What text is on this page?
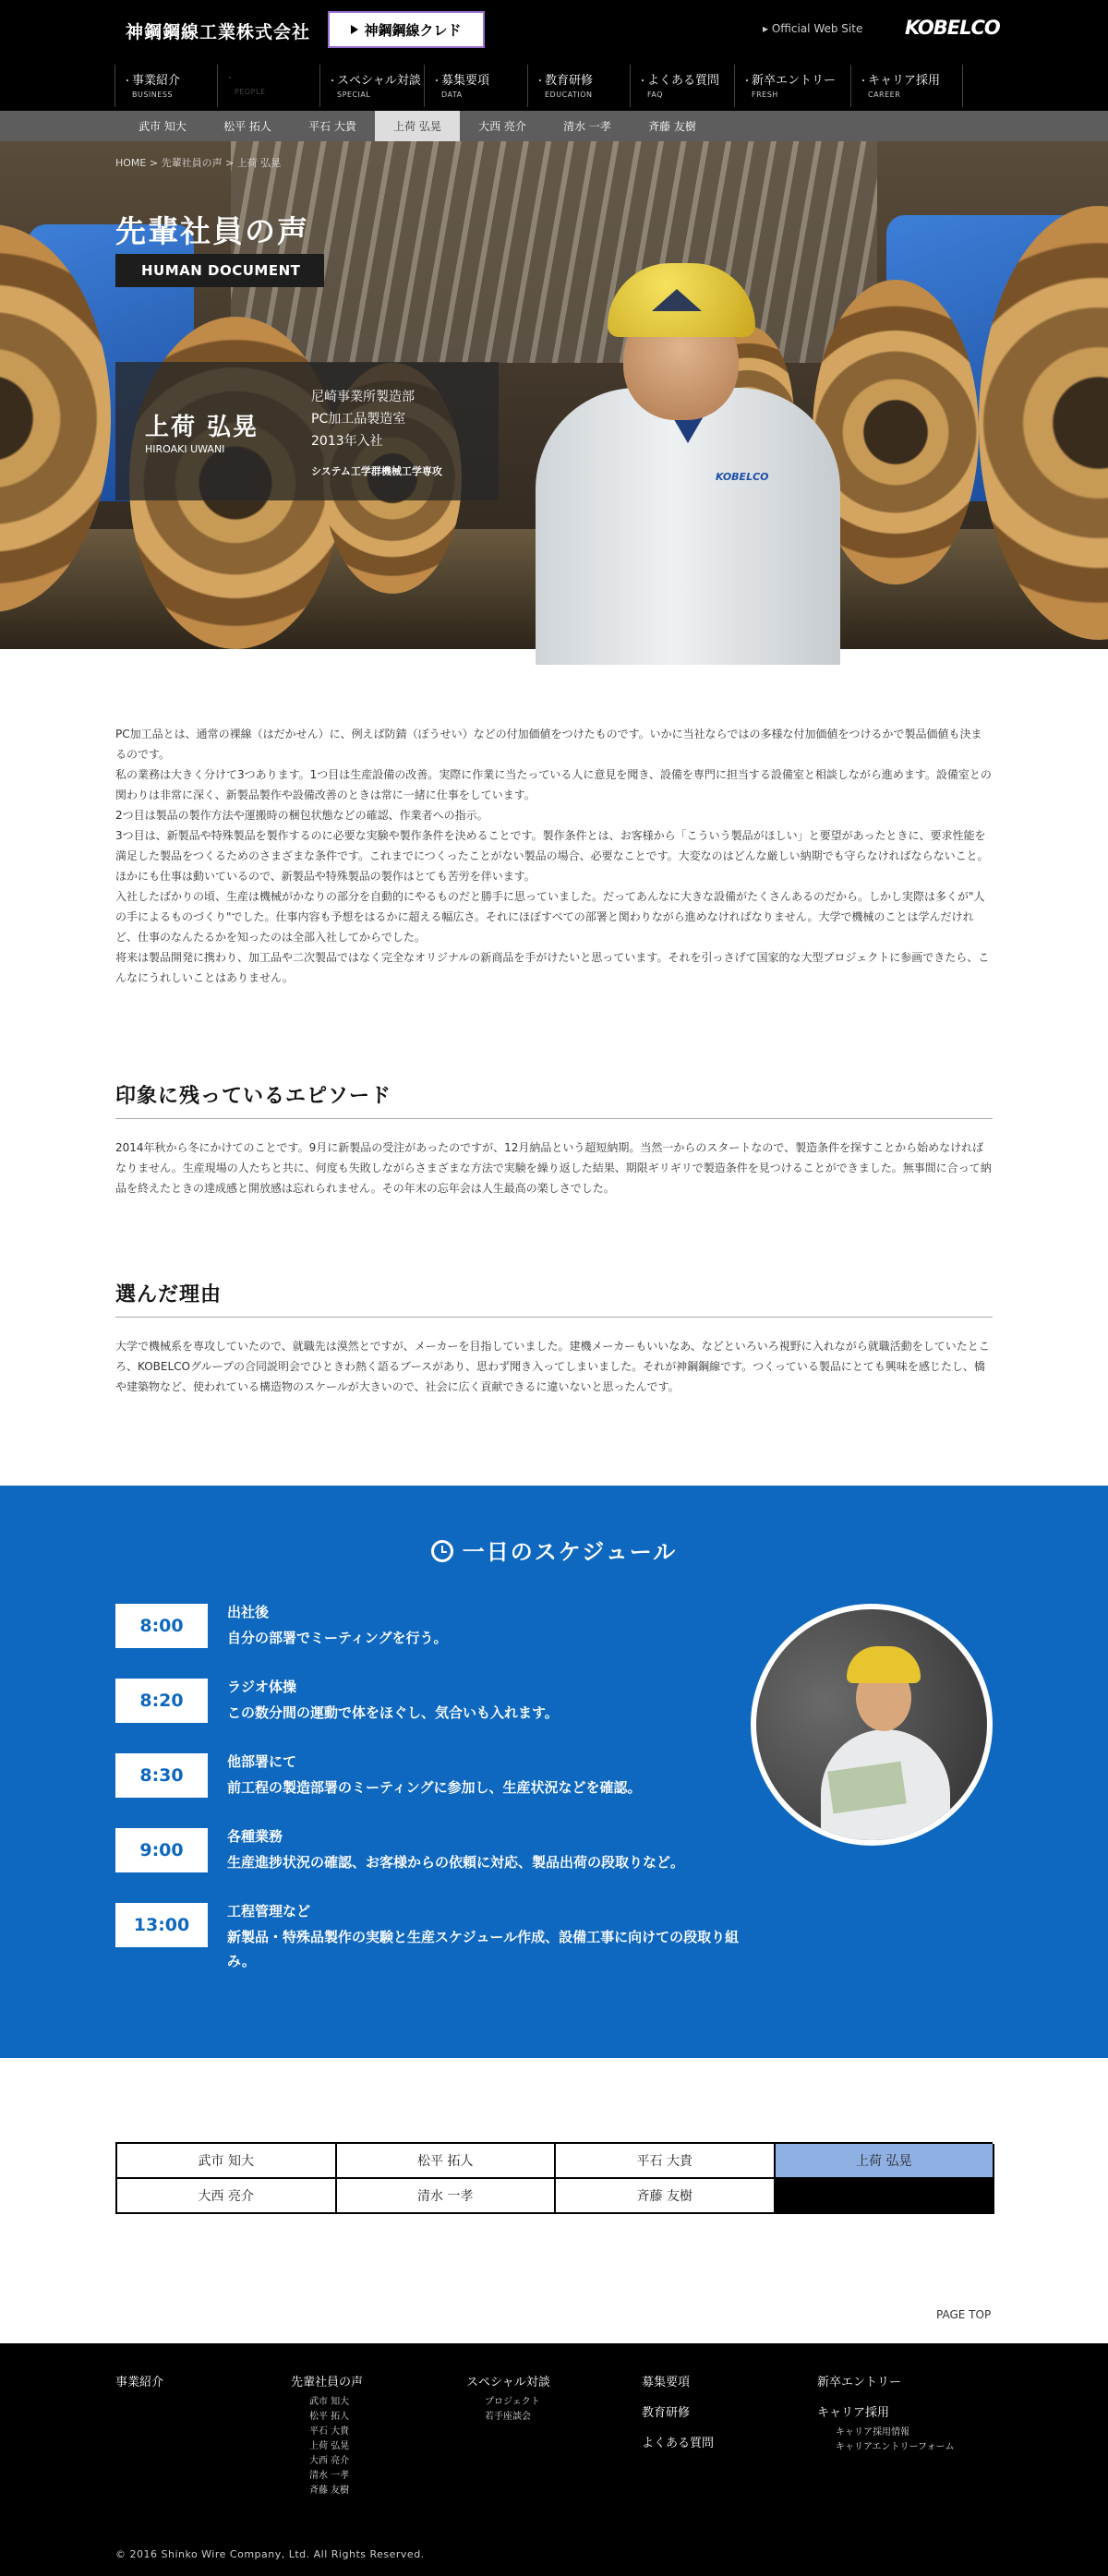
神鋼鋼線工業株式会社	神鋼鋼線クレド	▸ Official Web Site KOBELCO
・ 事業紹介
BUSINESS
・	PEOPLE
・ スペシャル対談
SPECIAL
・ 募集要項
DATA
・ 教育研修
EDUCATION
・ よくある質問
FAQ
・ 新卒エントリー
FRESH
・ キャリア採用
CAREER
武市 知大	松平 拓人	平石 大貴	上荷 弘晃	大西 亮介	清水 一孝	斉藤 友樹
KOBELCO
HOME > 先輩社員の声 > 上荷 弘晃
先輩社員の声
HUMAN DOCUMENT
上荷 弘晃
HIROAKI UWANI
尼崎事業所製造部
PC加工品製造室
2013年入社
システム工学群機械工学専攻

PC加工品とは、通常の裸線（はだかせん）に、例えば防錆（ぼうせい）などの付加価値をつけたものです。いかに当社ならではの多様な付加価値をつけるかで製品価値も決まるのです。

私の業務は大きく分けて3つあります。1つ目は生産設備の改善。実際に作業に当たっている人に意見を聞き、設備を専門に担当する設備室と相談しながら進めます。設備室との関わりは非常に深く、新製品製作や設備改善のときは常に一緒に仕事をしています。

2つ目は製品の製作方法や運搬時の梱包状態などの確認、作業者への指示。

3つ目は、新製品や特殊製品を製作するのに必要な実験や製作条件を決めることです。製作条件とは、お客様から「こういう製品がほしい」と要望があったときに、要求性能を満足した製品をつくるためのさまざまな条件です。これまでにつくったことがない製品の場合、必要なことです。大変なのはどんな厳しい納期でも守らなければならないこと。ほかにも仕事は動いているので、新製品や特殊製品の製作はとても苦労を伴います。

入社したばかりの頃、生産は機械がかなりの部分を自動的にやるものだと勝手に思っていました。だってあんなに大きな設備がたくさんあるのだから。しかし実際は多くが"人の手によるものづくり"でした。仕事内容も予想をはるかに超える幅広さ。それにほぼすべての部署と関わりながら進めなければなりません。大学で機械のことは学んだけれど、仕事のなんたるかを知ったのは全部入社してからでした。

将来は製品開発に携わり、加工品や二次製品ではなく完全なオリジナルの新商品を手がけたいと思っています。それを引っさげて国家的な大型プロジェクトに参画できたら、こんなにうれしいことはありません。

印象に残っているエピソード

2014年秋から冬にかけてのことです。9月に新製品の受注があったのですが、12月納品という超短納期。当然一からのスタートなので、製造条件を探すことから始めなければなりません。生産現場の人たちと共に、何度も失敗しながらさまざまな方法で実験を繰り返した結果、期限ギリギリで製造条件を見つけることができました。無事間に合って納品を終えたときの達成感と開放感は忘れられません。その年末の忘年会は人生最高の楽しさでした。

選んだ理由

大学で機械系を専攻していたので、就職先は漠然とですが、メーカーを目指していました。建機メーカーもいいなあ、などといろいろ視野に入れながら就職活動をしていたところ、KOBELCOグループの合同説明会でひときわ熱く語るブースがあり、思わず聞き入ってしまいました。それが神鋼鋼線です。つくっている製品にとても興味を感じたし、橋や建築物など、使われている構造物のスケールが大きいので、社会に広く貢献できるに違いないと思ったんです。

一日のスケジュール
8:00
出社後
自分の部署でミーティングを行う。
8:20
ラジオ体操
この数分間の運動で体をほぐし、気合いも入れます。
8:30
他部署にて
前工程の製造部署のミーティングに参加し、生産状況などを確認。
9:00
各種業務
生産進捗状況の確認、お客様からの依頼に対応、製品出荷の段取りなど。
13:00
工程管理など
新製品・特殊品製作の実験と生産スケジュール作成、設備工事に向けての段取り組み。
武市 知大	松平 拓人	平石 大貴	上荷 弘晃
大西 亮介	清水 一孝	斉藤 友樹
PAGE TOP
事業紹介	先輩社員の声
武市 知大
松平 拓人
平石 大貴
上荷 弘晃
大西 亮介
清水 一孝
斉藤 友樹
スペシャル対談
プロジェクト
若手座談会
募集要項
教育研修
よくある質問
新卒エントリー
キャリア採用
キャリア採用情報
キャリアエントリーフォーム
© 2016 Shinko Wire Company, Ltd. All Rights Reserved.
